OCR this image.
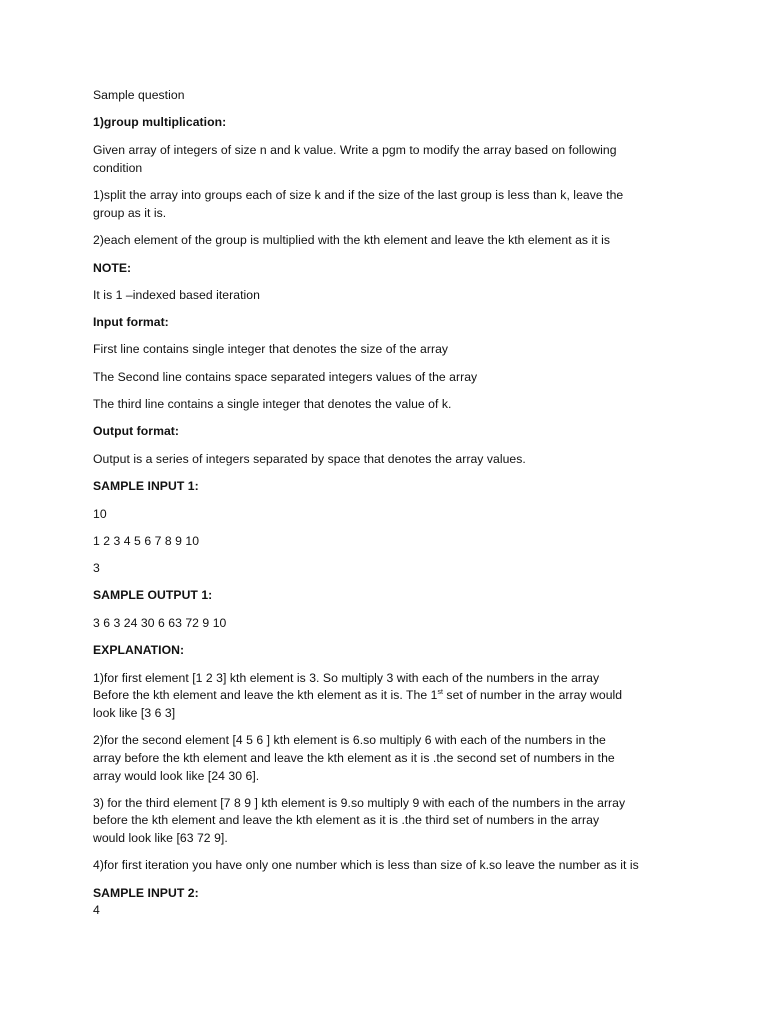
Sample question

1)group multiplication:

Given array of integers of size n and k value. Write a pgm to modify the array based on following

condition

1)split the array into groups each of size k and if the size of the last group is less than k, leave the

group as it is.

2)each element of the group is multiplied with the kth element and leave the kth element as it is

NOTE:

It is 1 –indexed based iteration

Input format:

First line contains single integer that denotes the size of the array

The Second line contains space separated integers values of the array

The third line contains a single integer that denotes the value of k.

Output format:

Output is a series of integers separated by space that denotes the array values.

SAMPLE INPUT 1:

10

1 2 3 4 5 6 7 8 9 10

3

SAMPLE OUTPUT 1:

3 6 3 24 30 6 63 72 9 10

EXPLANATION:

1)for first element [1 2 3] kth element is 3. So multiply 3 with each of the numbers in the array

Before the kth element and leave the kth element as it is. The 1st set of number in the array would

look like [3 6 3]

2)for the second element [4 5 6 ] kth element is 6.so multiply 6 with each of the numbers in the

array before the kth element and leave the kth element as it is .the second set of numbers in the

array would look like [24 30 6].

3) for the third element [7 8 9 ] kth element is 9.so multiply 9 with each of the numbers in the array

before the kth element and leave the kth element as it is .the third set of numbers in the array

would look like [63 72 9].

4)for first iteration you have only one number which is less than size of k.so leave the number as it is

SAMPLE INPUT 2:

4
